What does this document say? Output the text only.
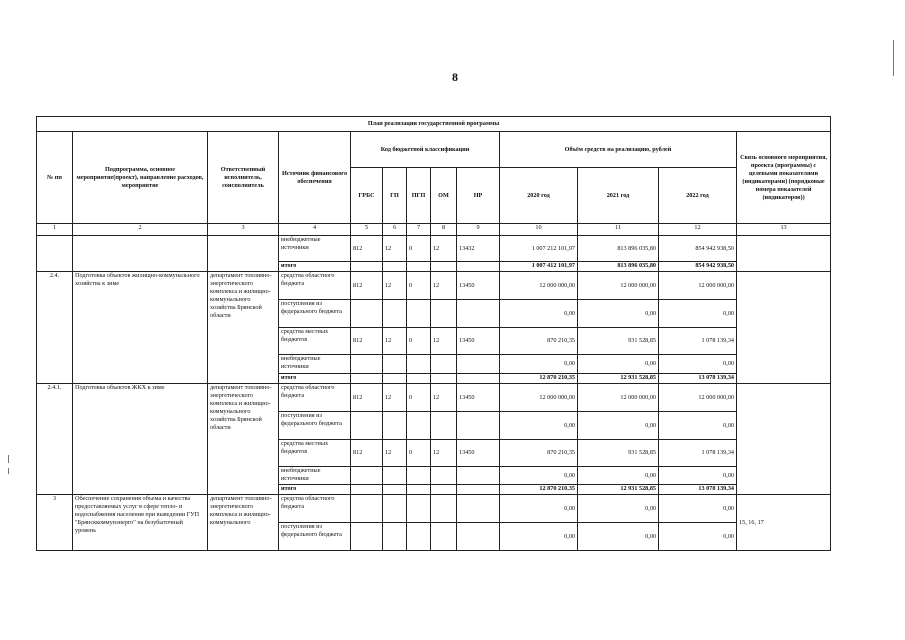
8
План реализации государственной программы												
№ пп	Подпрограмма, основное мероприятие(проект), направление расходов, мероприятие	Ответственный исполнитель, соисполнитель	Источник финансового обеспечения	Код бюджетной классификации					Объём средств на реализацию, рублей			Связь основного мероприятия, проекта (программы) с целевыми показателями (индикаторами) (порядковые номера показателей (индикаторов))
				ГРБС	ГП	ПГП	ОМ	НР	2020 год	2021 год	2022 год	
1	2	3	4	5	6	7	8	9	10	11	12	13
			внебюджетные источники	812	12	0	12	13432	1 007 212 101,97	813 896 035,80	854 942 938,50	
			итого						1 007 412 101,97	813 896 035,80	854 942 938,50	
2.4.	Подготовка объектов жилищно-коммунального хозяйства к зиме	департамент топливно-энергетического комплекса и жилищно-коммунального хозяйства Брянской области	средства областного бюджета	812	12	0	12	13450	12 000 000,00	12 000 000,00	12 000 000,00	
			поступления из федерального бюджета						0,00	0,00	0,00	
			средства местных бюджетов	812	12	0	12	13450	870 210,35	931 528,85	1 078 139,34	
			внебюджетные источники						0,00	0,00	0,00	
			итого						12 870 210,35	12 931 528,85	13 078 139,34	
2.4.1.	Подготовка объектов ЖКХ к зиме	департамент топливно-энергетического комплекса и жилищно-коммунального хозяйства Брянской области	средства областного бюджета	812	12	0	12	13450	12 000 000,00	12 000 000,00	12 000 000,00	
			поступления из федерального бюджета						0,00	0,00	0,00	
			средства местных бюджетов	812	12	0	12	13450	870 210,35	931 528,85	1 078 139,34	
			внебюджетные источники						0,00	0,00	0,00	
			итого						12 870 210,35	12 931 528,85	13 078 139,34	
3	Обеспечение сохранения объема и качества предоставляемых услуг в сфере тепло- и водоснабжения населения при выведении ГУП "Брянсккоммунэнерго" на безубыточный уровень	департамент топливно-энергетического комплекса и жилищно-коммунального	средства областного бюджета						0,00	0,00	0,00	15, 16, 17
			поступления из федерального бюджета						0,00	0,00	0,00	
